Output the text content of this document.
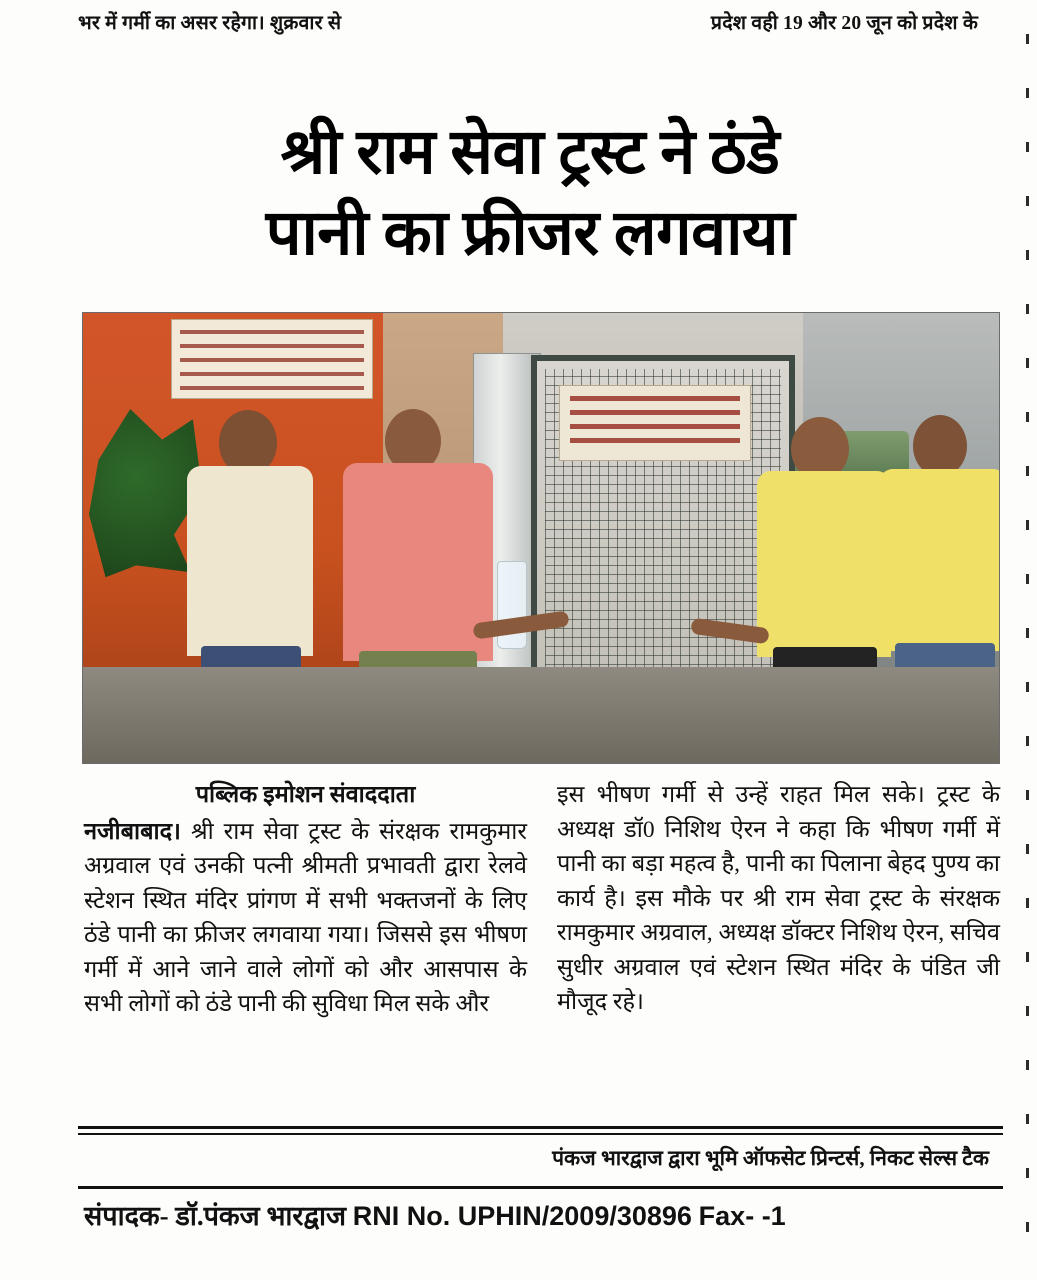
भर में गर्मी का असर रहेगा। शुक्रवार से	प्रदेश वही 19 और 20 जून को प्रदेश के
श्री राम सेवा ट्रस्ट ने ठंडे
पानी का फ्रीजर लगवाया
पब्लिक इमोशन संवाददाता
नजीबाबाद। श्री राम सेवा ट्रस्ट के संरक्षक रामकुमार अग्रवाल एवं उनकी पत्नी श्रीमती प्रभावती द्वारा रेलवे स्टेशन स्थित मंदिर प्रांगण में सभी भक्तजनों के लिए ठंडे पानी का फ्रीजर लगवाया गया। जिससे इस भीषण गर्मी में आने जाने वाले लोगों को और आसपास के सभी लोगों को ठंडे पानी की सुविधा मिल सके और
इस भीषण गर्मी से उन्हें राहत मिल सके। ट्रस्ट के अध्यक्ष डॉ0 निशिथ ऐरन ने कहा कि भीषण गर्मी में पानी का बड़ा महत्व है, पानी का पिलाना बेहद पुण्य का कार्य है। इस मौके पर श्री राम सेवा ट्रस्ट के संरक्षक रामकुमार अग्रवाल, अध्यक्ष डॉक्टर निशिथ ऐरन, सचिव सुधीर अग्रवाल एवं स्टेशन स्थित मंदिर के पंडित जी मौजूद रहे।
पंकज भारद्वाज द्वारा भूमि ऑफसेट प्रिन्टर्स, निकट सेल्स टैक
संपादक- डॉ.पंकज भारद्वाज RNI No. UPHIN/2009/30896 Fax- -1
